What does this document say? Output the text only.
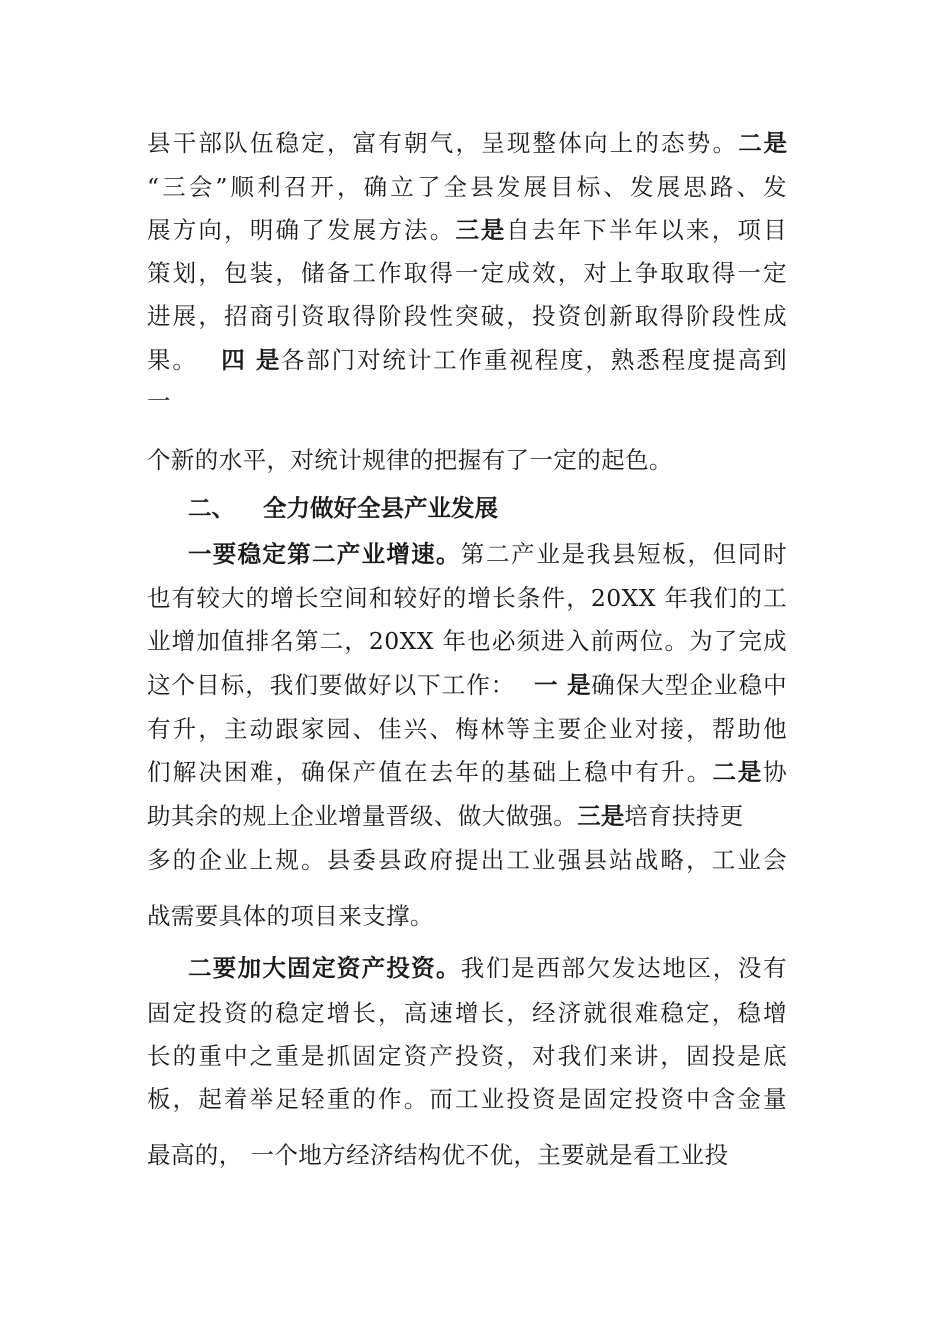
县干部队伍稳定，富有朝气，呈现整体向上的态势。二是
“三会”顺利召开，确立了全县发展目标、发展思路、发
展方向，明确了发展方法。三是自去年下半年以来，项目
策划，包装，储备工作取得一定成效，对上争取取得一定
进展，招商引资取得阶段性突破，投资创新取得阶段性成
果。 四 是各部门对统计工作重视程度，熟悉程度提高到
一
个新的水平，对统计规律的把握有了一定的起色。
二、 全力做好全县产业发展
一要稳定第二产业增速。第二产业是我县短板，但同时
也有较大的增长空间和较好的增长条件，20XX 年我们的工
业增加值排名第二，20XX 年也必须进入前两位。为了完成
这个目标，我们要做好以下工作： 一 是确保大型企业稳中
有升，主动跟家园、佳兴、梅林等主要企业对接，帮助他
们解决困难，确保产值在去年的基础上稳中有升。二是协
助其余的规上企业增量晋级、做大做强。三是培育扶持更
多的企业上规。县委县政府提出工业强县站战略，工业会
战需要具体的项目来支撑。
二要加大固定资产投资。我们是西部欠发达地区，没有
固定投资的稳定增长，高速增长，经济就很难稳定，稳增
长的重中之重是抓固定资产投资，对我们来讲，固投是底
板，起着举足轻重的作。而工业投资是固定投资中含金量
最高的， 一个地方经济结构优不优，主要就是看工业投
